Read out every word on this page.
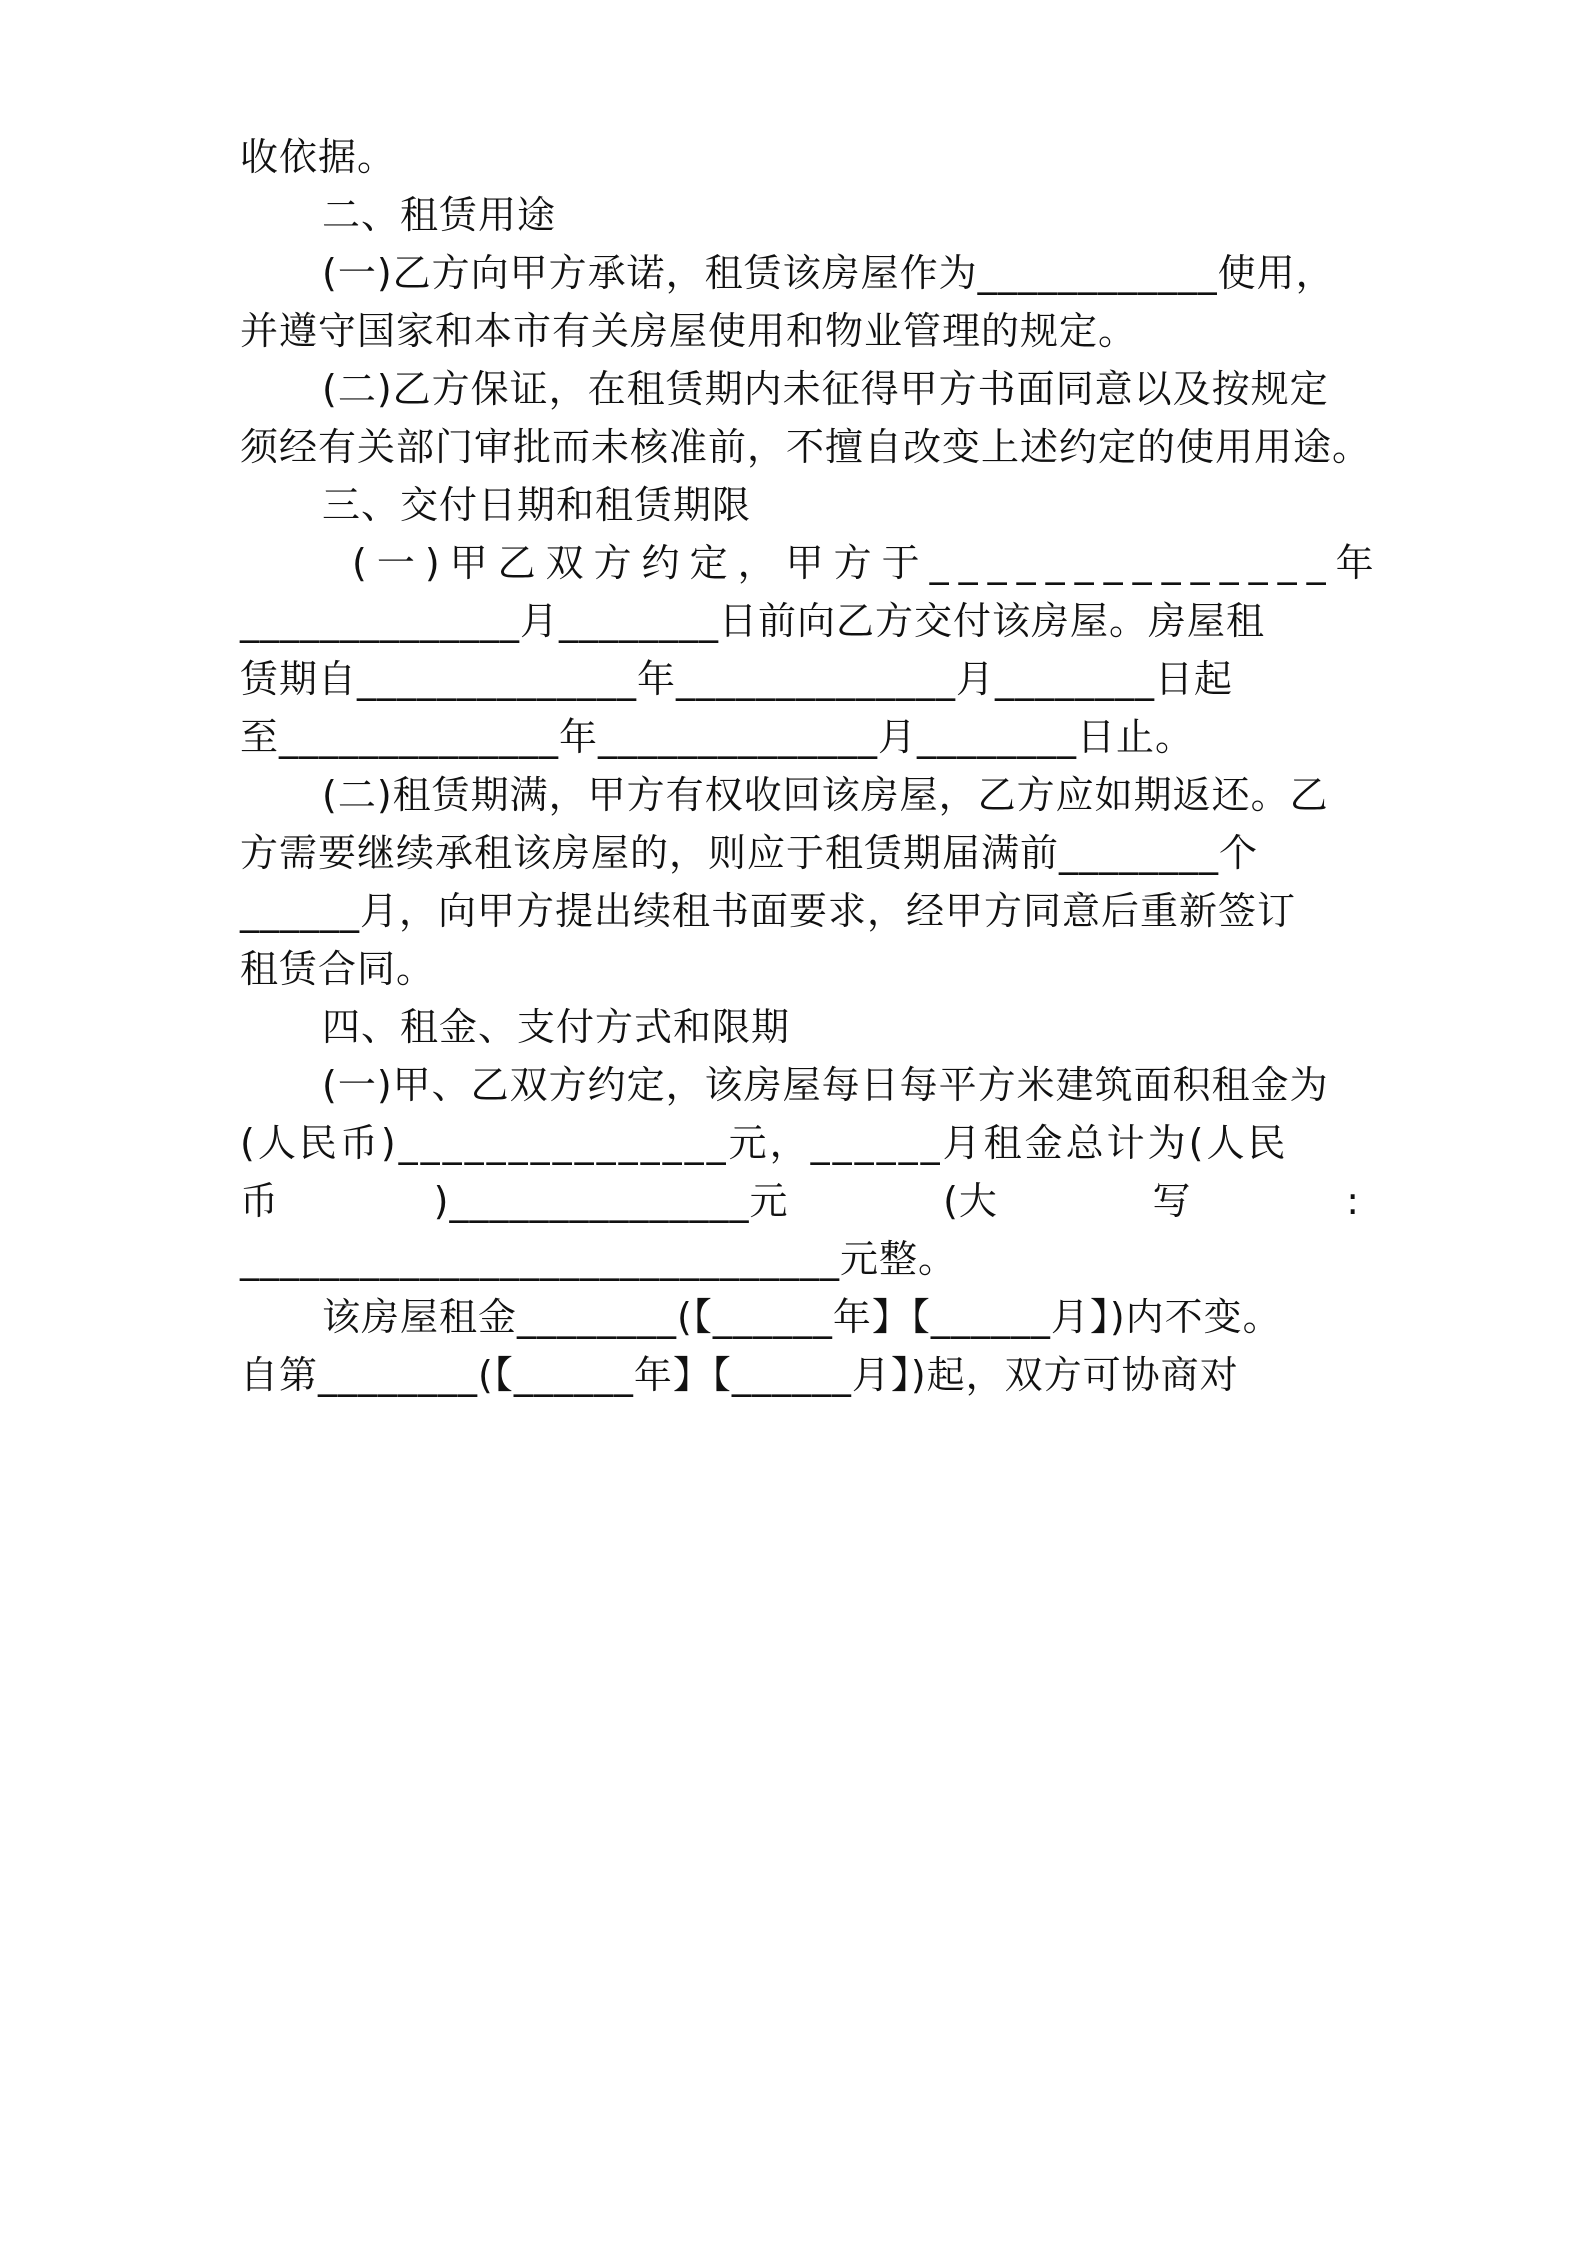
收依据。
二、租赁用途
(一)乙方向甲方承诺，租赁该房屋作为____________使用，
并遵守国家和本市有关房屋使用和物业管理的规定。
(二)乙方保证，在租赁期内未征得甲方书面同意以及按规定
须经有关部门审批而未核准前，不擅自改变上述约定的使用用途。
三、交付日期和租赁期限
(一)甲乙双方约定，甲方于______________年
______________月________日前向乙方交付该房屋。房屋租
赁期自______________年______________月________日起
至______________年______________月________日止。
(二)租赁期满，甲方有权收回该房屋，乙方应如期返还。乙
方需要继续承租该房屋的，则应于租赁期届满前________个
______月，向甲方提出续租书面要求，经甲方同意后重新签订
租赁合同。
四、租金、支付方式和限期
(一)甲、乙双方约定，该房屋每日每平方米建筑面积租金为
(人民币)_______________元，______月租金总计为(人民
币	)_______________元	(大	写	:
______________________________元整。
该房屋租金________(【______年】【______月】)内不变。
自第________(【______年】【______月】)起，双方可协商对
